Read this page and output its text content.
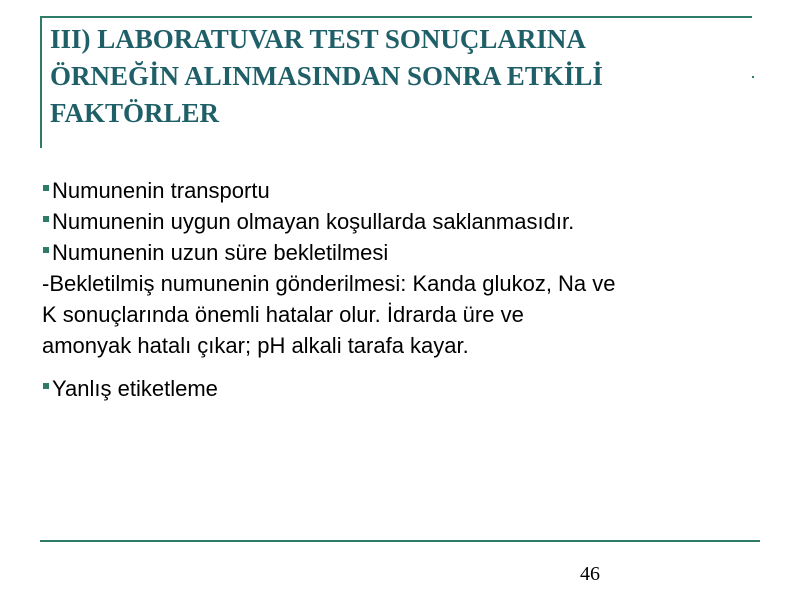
III) LABORATUVAR TEST SONUÇLARINA
ÖRNEĞİN ALINMASINDAN SONRA ETKİLİ
FAKTÖRLER
Numunenin transportu
Numunenin uygun olmayan koşullarda saklanmasıdır.
Numunenin uzun süre bekletilmesi
-Bekletilmiş numunenin gönderilmesi: Kanda glukoz, Na ve
K sonuçlarında önemli hatalar olur. İdrarda üre ve
amonyak hatalı çıkar; pH alkali tarafa kayar.
Yanlış etiketleme
46
